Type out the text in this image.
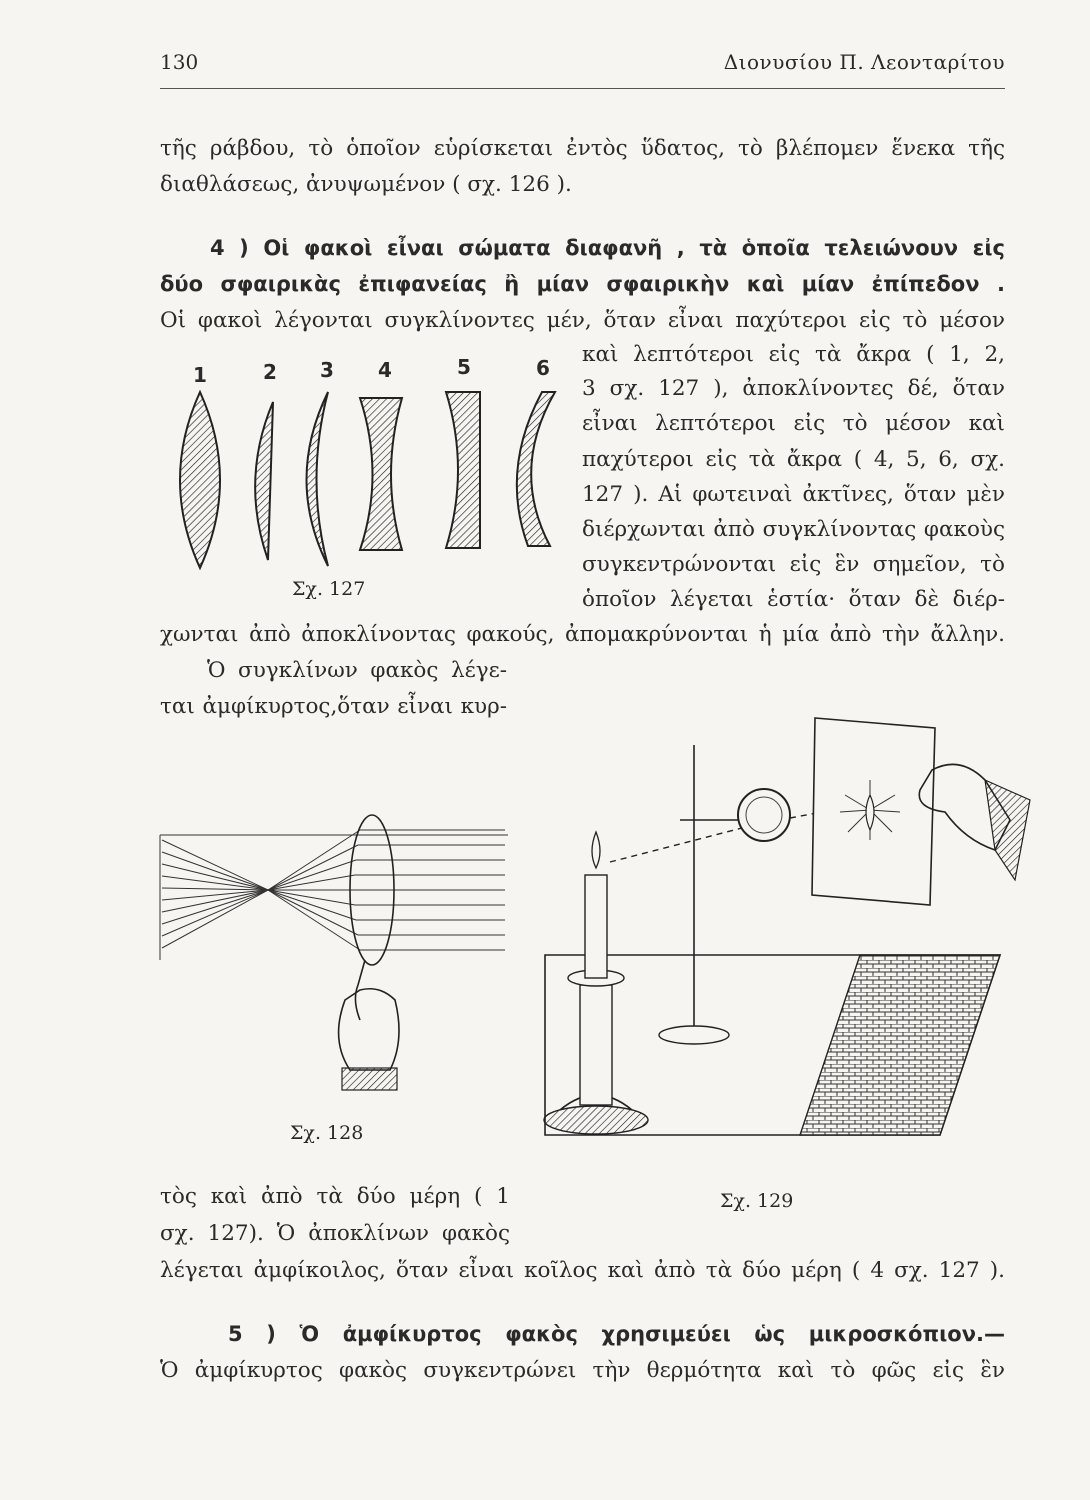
130	Διονυσίου Π. Λεονταρίτου
τῆς ράβδου, τὸ ὁποῖον εὑρίσκεται ἐντὸς ὕδατος, τὸ βλέπομεν ἕνεκα τῆς
διαθλάσεως, ἀνυψωμένον ( σχ. 126 ).
4 ) Οἱ φακοὶ εἶναι σώματα διαφανῆ , τὰ ὁποῖα τελειώνουν εἰς
δύο σφαιρικὰς ἐπιφανείας ἢ μίαν σφαιρικὴν καὶ μίαν ἐπίπεδον .
Οἱ φακοὶ λέγονται συγκλίνοντες μέν, ὅταν εἶναι παχύτεροι εἰς τὸ μέσον
καὶ λεπτότεροι εἰς τὰ ἄκρα ( 1, 2,
3 σχ. 127 ), ἀποκλίνοντες δέ, ὅταν
εἶναι λεπτότεροι εἰς τὸ μέσον καὶ
παχύτεροι εἰς τὰ ἄκρα ( 4, 5, 6, σχ.
127 ). Αἱ φωτειναὶ ἀκτῖνες, ὅταν μὲν
διέρχωνται ἀπὸ συγκλίνοντας φακοὺς
συγκεντρώνονται εἰς ἓν σημεῖον, τὸ
ὁποῖον λέγεται ἑστία· ὅταν δὲ διέρ-
χωνται ἀπὸ ἀποκλίνοντας φακούς, ἀπομακρύνονται ἡ μία ἀπὸ τὴν ἄλλην.
Ὁ συγκλίνων φακὸς λέγε-
ται ἀμφίκυρτος,ὅταν εἶναι κυρ-
τὸς καὶ ἀπὸ τὰ δύο μέρη ( 1
σχ. 127). Ὁ ἀποκλίνων φακὸς
λέγεται ἀμφίκοιλος, ὅταν εἶναι κοῖλος καὶ ἀπὸ τὰ δύο μέρη ( 4 σχ. 127 ).
5 ) Ὁ ἀμφίκυρτος φακὸς χρησιμεύει ὡς μικροσκόπιον.—
Ὁ ἀμφίκυρτος φακὸς συγκεντρώνει τὴν θερμότητα καὶ τὸ φῶς εἰς ἓν
1	2 3 4	5	6
Σχ. 127
Σχ. 128
Σχ. 129
